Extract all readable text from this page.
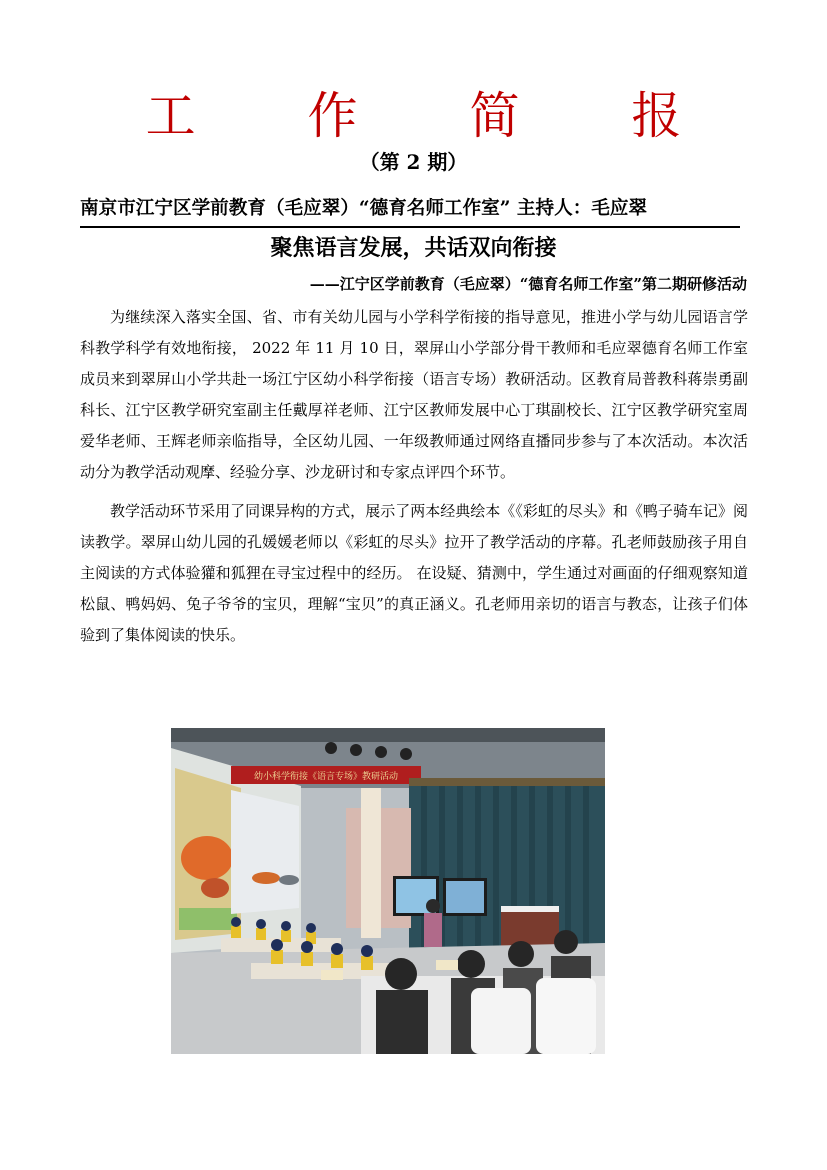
工 作 简 报
（第 2 期）
南京市江宁区学前教育（毛应翠）“德育名师工作室” 主持人：毛应翠
聚焦语言发展，共话双向衔接
——江宁区学前教育（毛应翠）“德育名师工作室”第二期研修活动

为继续深入落实全国、省、市有关幼儿园与小学科学衔接的指导意见，推进小学与幼儿园语言学科教学科学有效地衔接， 2022 年 11 月 10 日，翠屏山小学部分骨干教师和毛应翠德育名师工作室成员来到翠屏山小学共赴一场江宁区幼小科学衔接（语言专场）教研活动。区教育局普教科蒋崇勇副科长、江宁区教学研究室副主任戴厚祥老师、江宁区教师发展中心丁琪副校长、江宁区教学研究室周爱华老师、王辉老师亲临指导，全区幼儿园、一年级教师通过网络直播同步参与了本次活动。本次活动分为教学活动观摩、经验分享、沙龙研讨和专家点评四个环节。

教学活动环节采用了同课异构的方式，展示了两本经典绘本《《彩虹的尽头》和《鸭子骑车记》阅读教学。翠屏山幼儿园的孔媛媛老师以《彩虹的尽头》拉开了教学活动的序幕。孔老师鼓励孩子用自主阅读的方式体验獾和狐狸在寻宝过程中的经历。 在设疑、猜测中，学生通过对画面的仔细观察知道松鼠、鸭妈妈、兔子爷爷的宝贝，理解“宝贝”的真正涵义。孔老师用亲切的语言与教态，让孩子们体验到了集体阅读的快乐。

幼小科学衔接《语言专场》教研活动
